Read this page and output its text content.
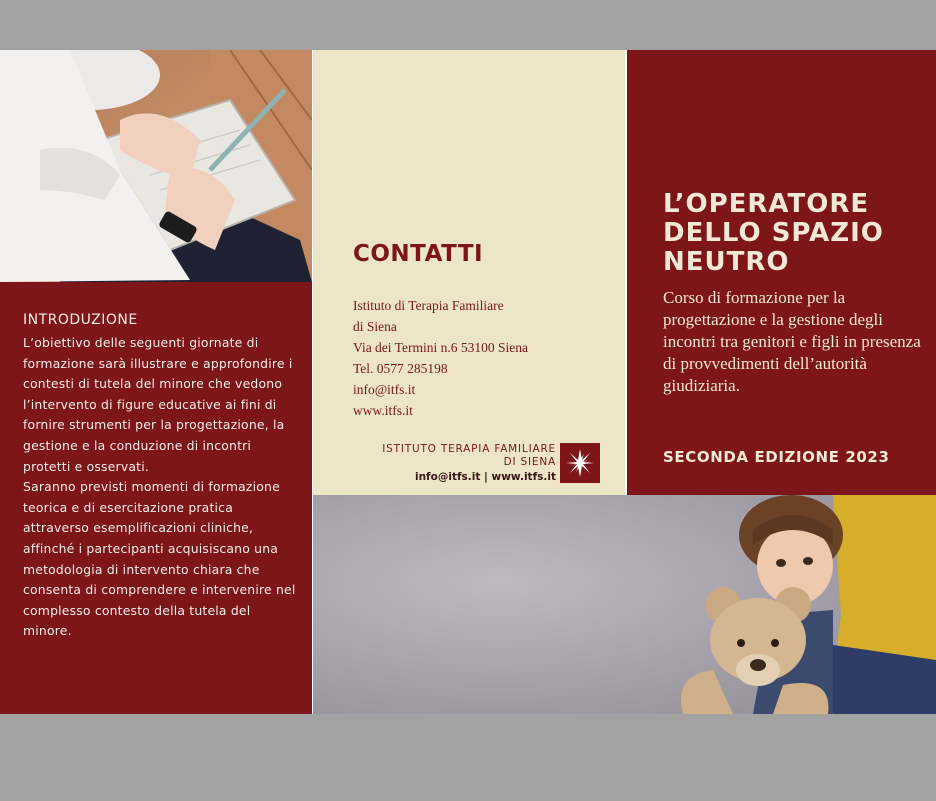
INTRODUZIONE

L’obiettivo delle seguenti giornate di formazione sarà illustrare e approfondire i contesti di tutela del minore che vedono l’intervento di figure educative ai fini di fornire strumenti per la progettazione, la gestione e la conduzione di incontri protetti e osservati.

Saranno previsti momenti di formazione teorica e di esercitazione pratica attraverso esemplificazioni cliniche, affinché i partecipanti acquisiscano una metodologia di intervento chiara che consenta di comprendere e intervenire nel complesso contesto della tutela del minore.

CONTATTI
Istituto di Terapia Familiare
di Siena
Via dei Termini n.6 53100 Siena
Tel. 0577 285198
info@itfs.it
www.itfs.it
ISTITUTO TERAPIA FAMILIARE
DI SIENA
info@itfs.it | www.itfs.it
L’OPERATORE
DELLO SPAZIO
NEUTRO
Corso di formazione per la progettazione e la gestione degli incontri tra genitori e figli in presenza di provvedimenti dell’autorità giudiziaria.
SECONDA EDIZIONE 2023
